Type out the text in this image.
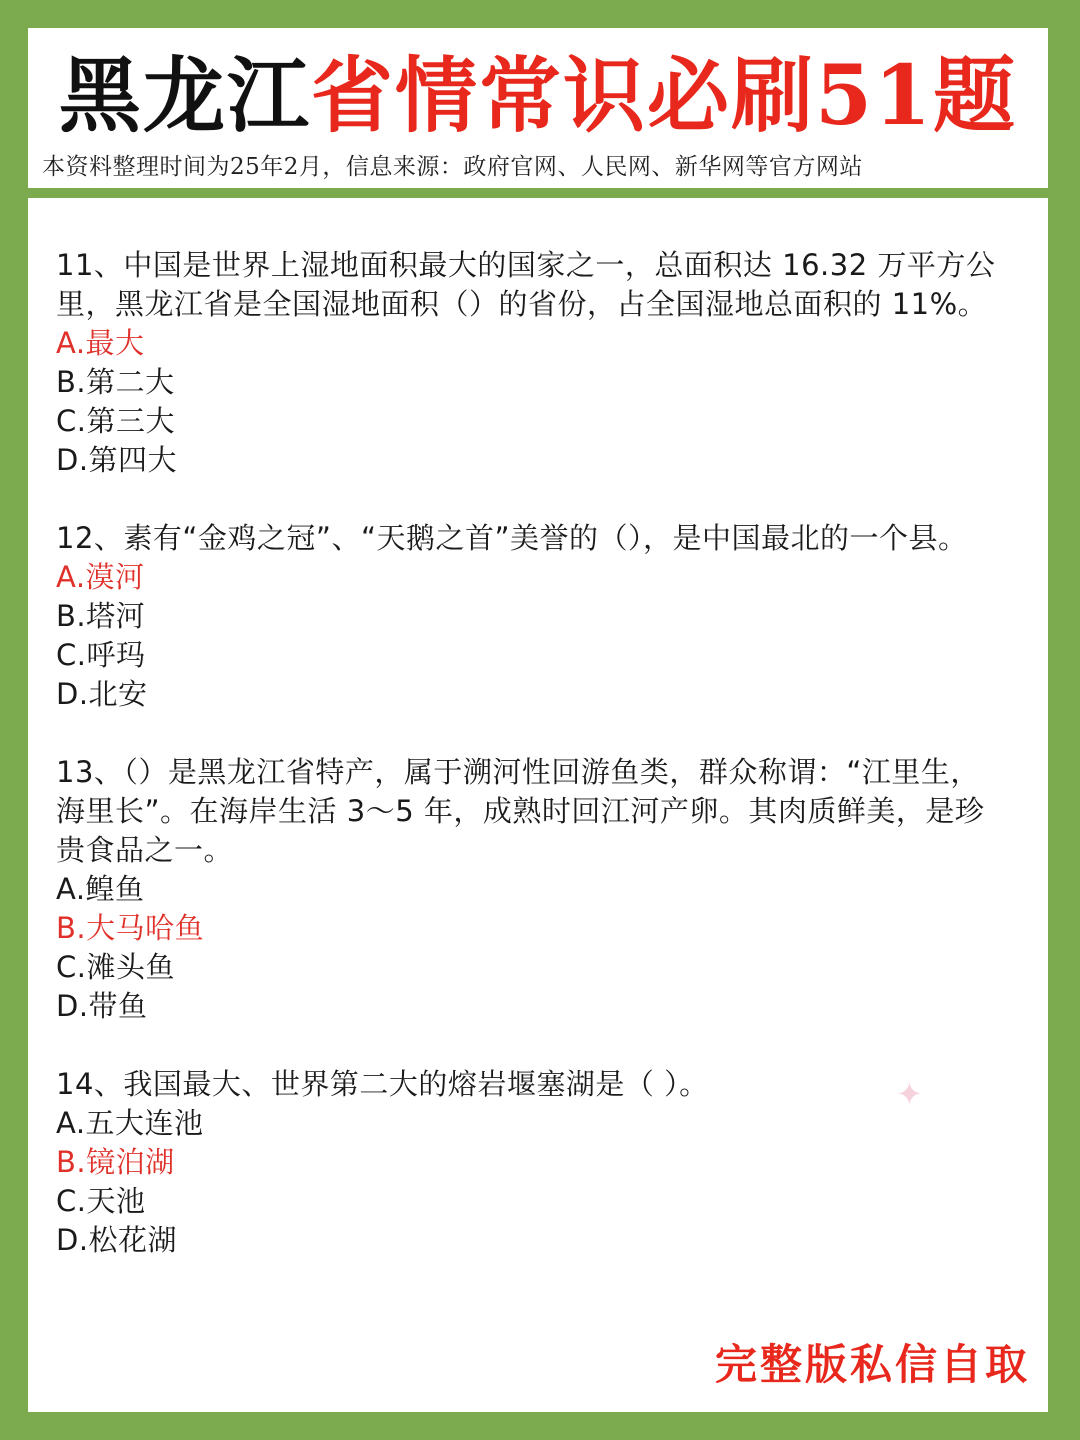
黑龙江省情常识必刷51题
本资料整理时间为25年2月，信息来源：政府官网、人民网、新华网等官方网站

11、中国是世界上湿地面积最大的国家之一，总面积达 16.32 万平方公里，黑龙江省是全国湿地面积（）的省份，占全国湿地总面积的 11%。

A.最大

B.第二大

C.第三大

D.第四大

12、素有“金鸡之冠”、“天鹅之首”美誉的（），是中国最北的一个县。

A.漠河

B.塔河

C.呼玛

D.北安

13、（）是黑龙江省特产，属于溯河性回游鱼类，群众称谓：“江里生，海里长”。在海岸生活 3～5 年，成熟时回江河产卵。其肉质鲜美，是珍贵食品之一。

A.鳇鱼

B.大马哈鱼

C.滩头鱼

D.带鱼

14、我国最大、世界第二大的熔岩堰塞湖是（ ）。

A.五大连池

B.镜泊湖

C.天池

D.松花湖

✦
完整版私信自取
